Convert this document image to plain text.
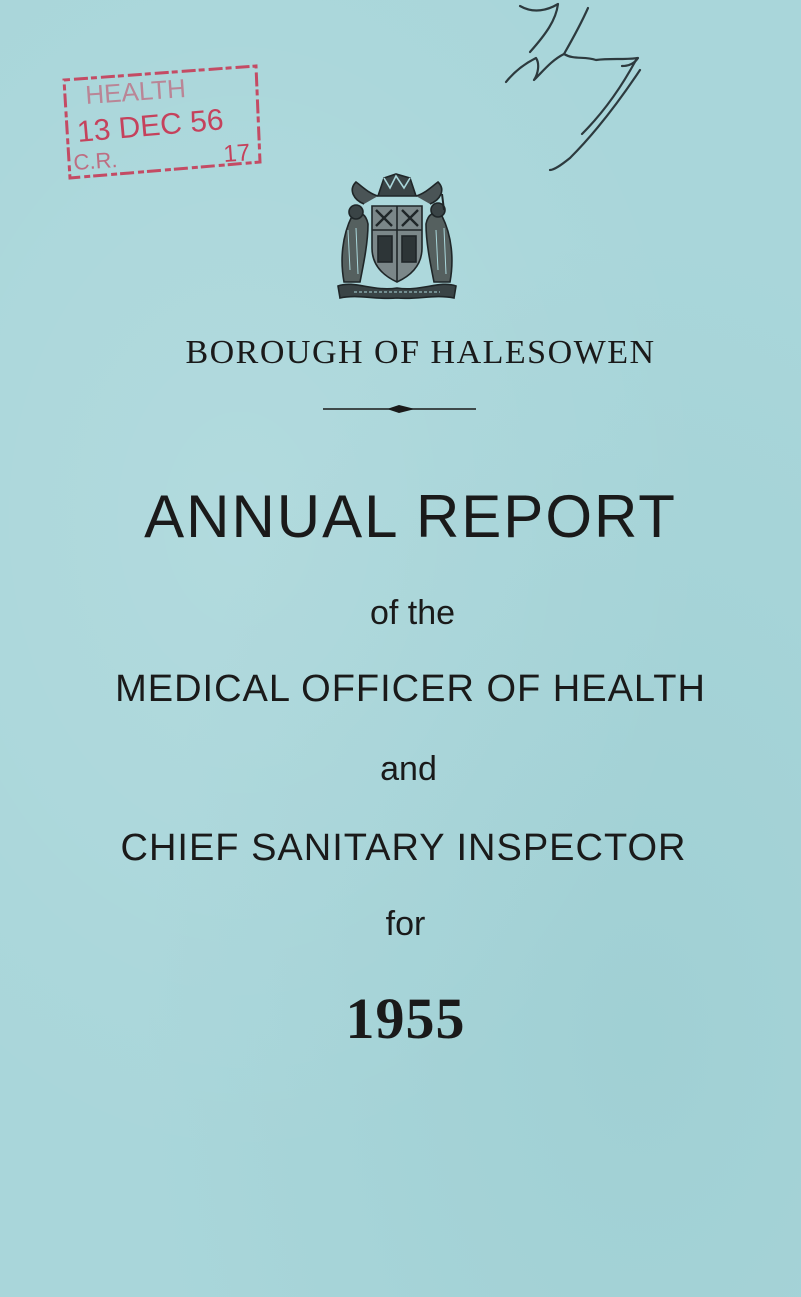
HEALTH
13 DEC 56
C.R.	17
BOROUGH OF HALESOWEN
ANNUAL REPORT
of the
MEDICAL OFFICER OF HEALTH
and
CHIEF SANITARY INSPECTOR
for
1955
